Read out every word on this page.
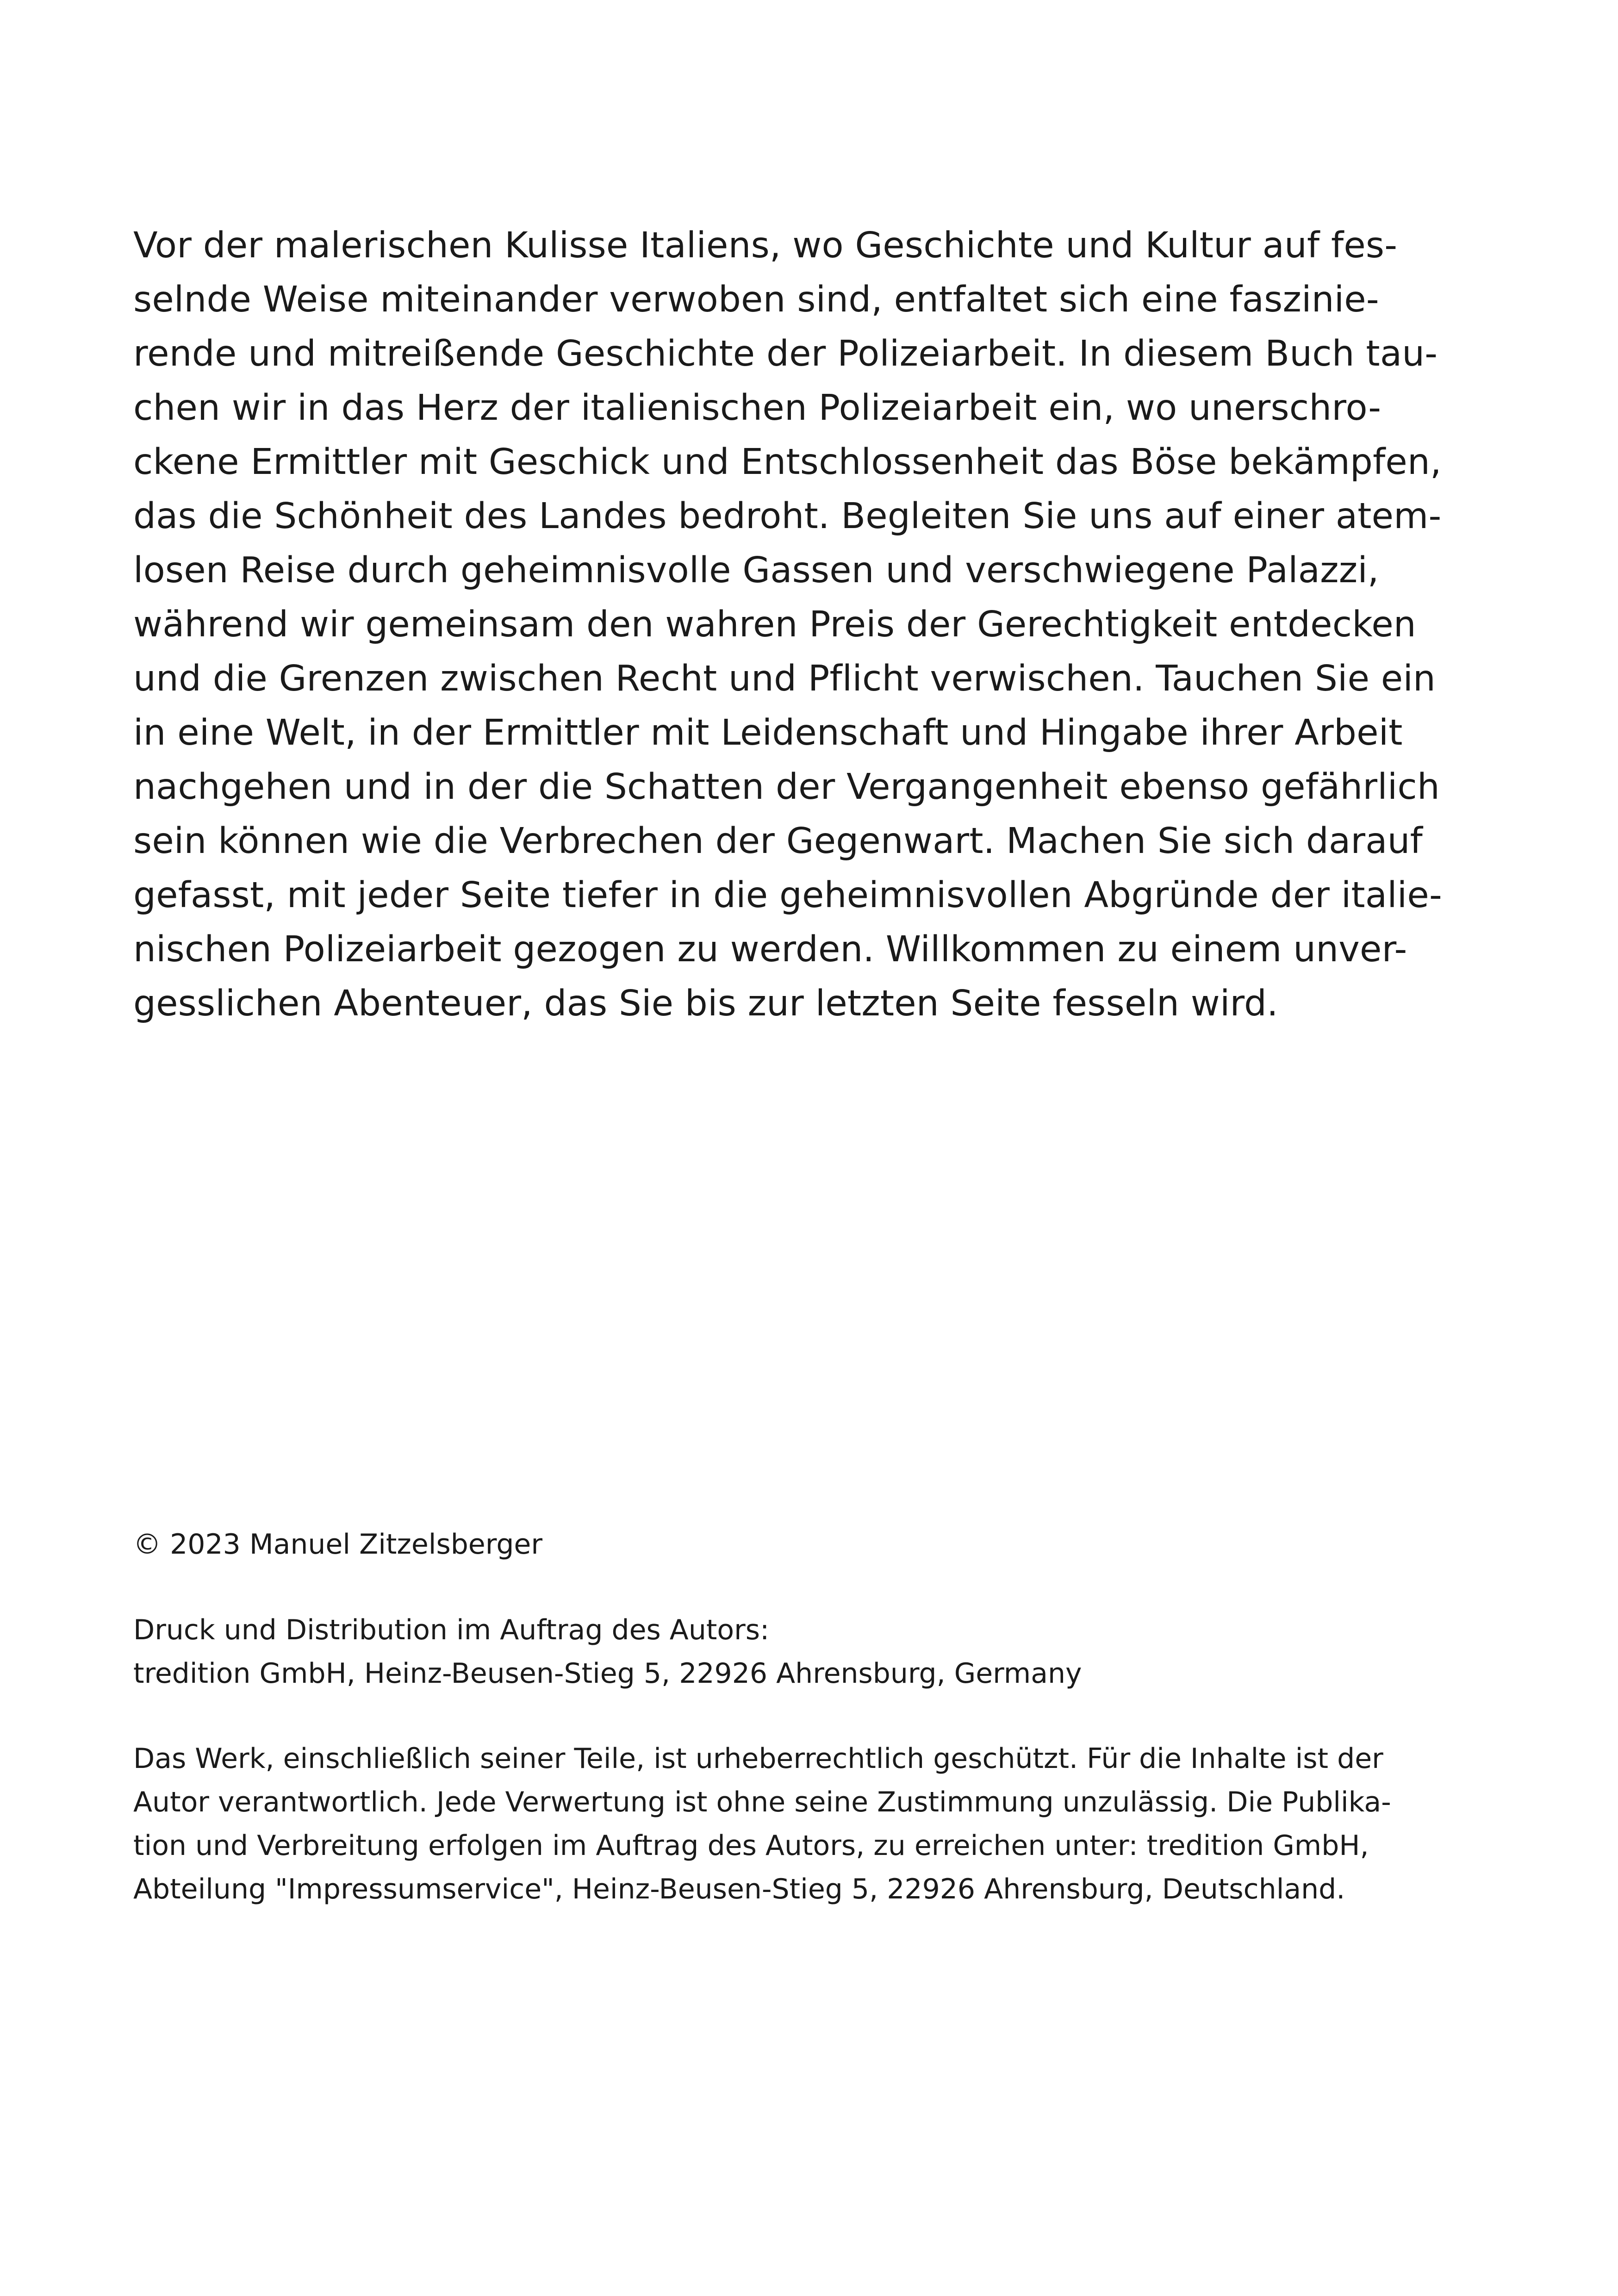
Vor der malerischen Kulisse Italiens, wo Geschichte und Kultur auf fes-
selnde Weise miteinander verwoben sind, entfaltet sich eine faszinie-
rende und mitreißende Geschichte der Polizeiarbeit. In diesem Buch tau-
chen wir in das Herz der italienischen Polizeiarbeit ein, wo unerschro-
ckene Ermittler mit Geschick und Entschlossenheit das Böse bekämpfen,
das die Schönheit des Landes bedroht. Begleiten Sie uns auf einer atem-
losen Reise durch geheimnisvolle Gassen und verschwiegene Palazzi,
während wir gemeinsam den wahren Preis der Gerechtigkeit entdecken
und die Grenzen zwischen Recht und Pflicht verwischen. Tauchen Sie ein
in eine Welt, in der Ermittler mit Leidenschaft und Hingabe ihrer Arbeit
nachgehen und in der die Schatten der Vergangenheit ebenso gefährlich
sein können wie die Verbrechen der Gegenwart. Machen Sie sich darauf
gefasst, mit jeder Seite tiefer in die geheimnisvollen Abgründe der italie-
nischen Polizeiarbeit gezogen zu werden. Willkommen zu einem unver-
gesslichen Abenteuer, das Sie bis zur letzten Seite fesseln wird.
© 2023 Manuel Zitzelsberger
Druck und Distribution im Auftrag des Autors:
tredition GmbH, Heinz-Beusen-Stieg 5, 22926 Ahrensburg, Germany
Das Werk, einschließlich seiner Teile, ist urheberrechtlich geschützt. Für die Inhalte ist der
Autor verantwortlich. Jede Verwertung ist ohne seine Zustimmung unzulässig. Die Publika-
tion und Verbreitung erfolgen im Auftrag des Autors, zu erreichen unter: tredition GmbH,
Abteilung "Impressumservice", Heinz-Beusen-Stieg 5, 22926 Ahrensburg, Deutschland.
